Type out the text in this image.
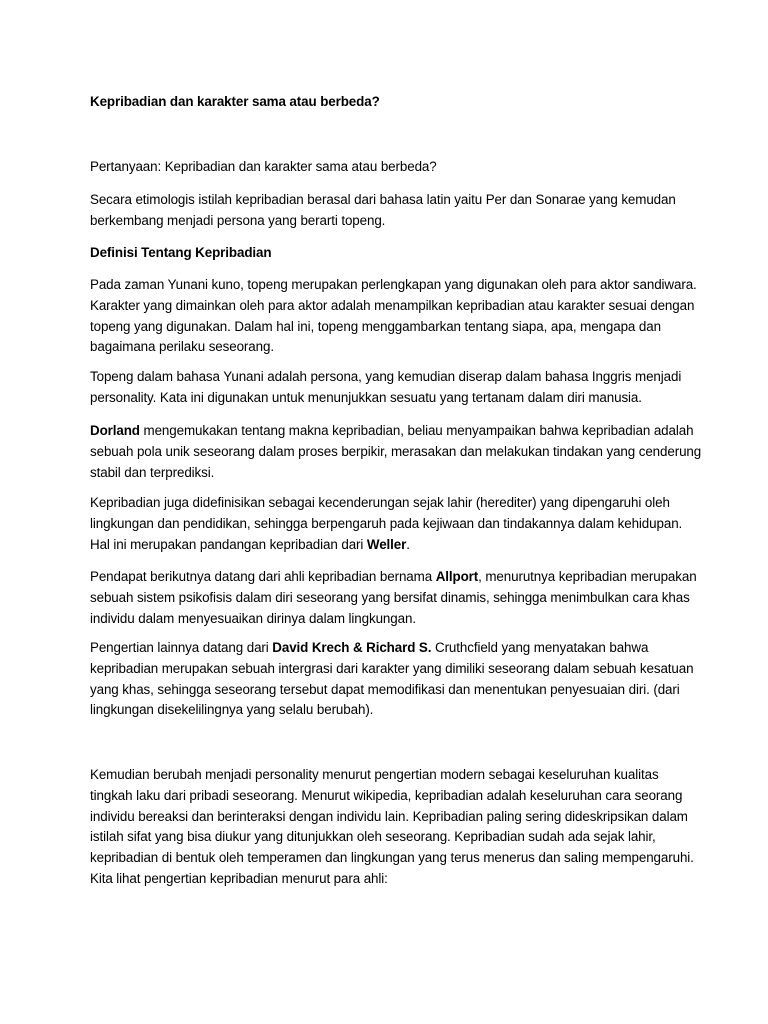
Kepribadian dan karakter sama atau berbeda?

Pertanyaan: Kepribadian dan karakter sama atau berbeda?

Secara etimologis istilah kepribadian berasal dari bahasa latin yaitu Per dan Sonarae yang kemudan
berkembang menjadi persona yang berarti topeng.

Definisi Tentang Kepribadian

Pada zaman Yunani kuno, topeng merupakan perlengkapan yang digunakan oleh para aktor sandiwara.
Karakter yang dimainkan oleh para aktor adalah menampilkan kepribadian atau karakter sesuai dengan
topeng yang digunakan. Dalam hal ini, topeng menggambarkan tentang siapa, apa, mengapa dan
bagaimana perilaku seseorang.

Topeng dalam bahasa Yunani adalah persona, yang kemudian diserap dalam bahasa Inggris menjadi
personality. Kata ini digunakan untuk menunjukkan sesuatu yang tertanam dalam diri manusia.

Dorland mengemukakan tentang makna kepribadian, beliau menyampaikan bahwa kepribadian adalah
sebuah pola unik seseorang dalam proses berpikir, merasakan dan melakukan tindakan yang cenderung
stabil dan terprediksi.

Kepribadian juga didefinisikan sebagai kecenderungan sejak lahir (herediter) yang dipengaruhi oleh
lingkungan dan pendidikan, sehingga berpengaruh pada kejiwaan dan tindakannya dalam kehidupan.
Hal ini merupakan pandangan kepribadian dari Weller.

Pendapat berikutnya datang dari ahli kepribadian bernama Allport, menurutnya kepribadian merupakan
sebuah sistem psikofisis dalam diri seseorang yang bersifat dinamis, sehingga menimbulkan cara khas
individu dalam menyesuaikan dirinya dalam lingkungan.

Pengertian lainnya datang dari David Krech & Richard S. Cruthcfield yang menyatakan bahwa
kepribadian merupakan sebuah intergrasi dari karakter yang dimiliki seseorang dalam sebuah kesatuan
yang khas, sehingga seseorang tersebut dapat memodifikasi dan menentukan penyesuaian diri. (dari
lingkungan disekelilingnya yang selalu berubah).

Kemudian berubah menjadi personality menurut pengertian modern sebagai keseluruhan kualitas
tingkah laku dari pribadi seseorang. Menurut wikipedia, kepribadian adalah keseluruhan cara seorang
individu bereaksi dan berinteraksi dengan individu lain. Kepribadian paling sering dideskripsikan dalam
istilah sifat yang bisa diukur yang ditunjukkan oleh seseorang. Kepribadian sudah ada sejak lahir,
kepribadian di bentuk oleh temperamen dan lingkungan yang terus menerus dan saling mempengaruhi.
Kita lihat pengertian kepribadian menurut para ahli:
